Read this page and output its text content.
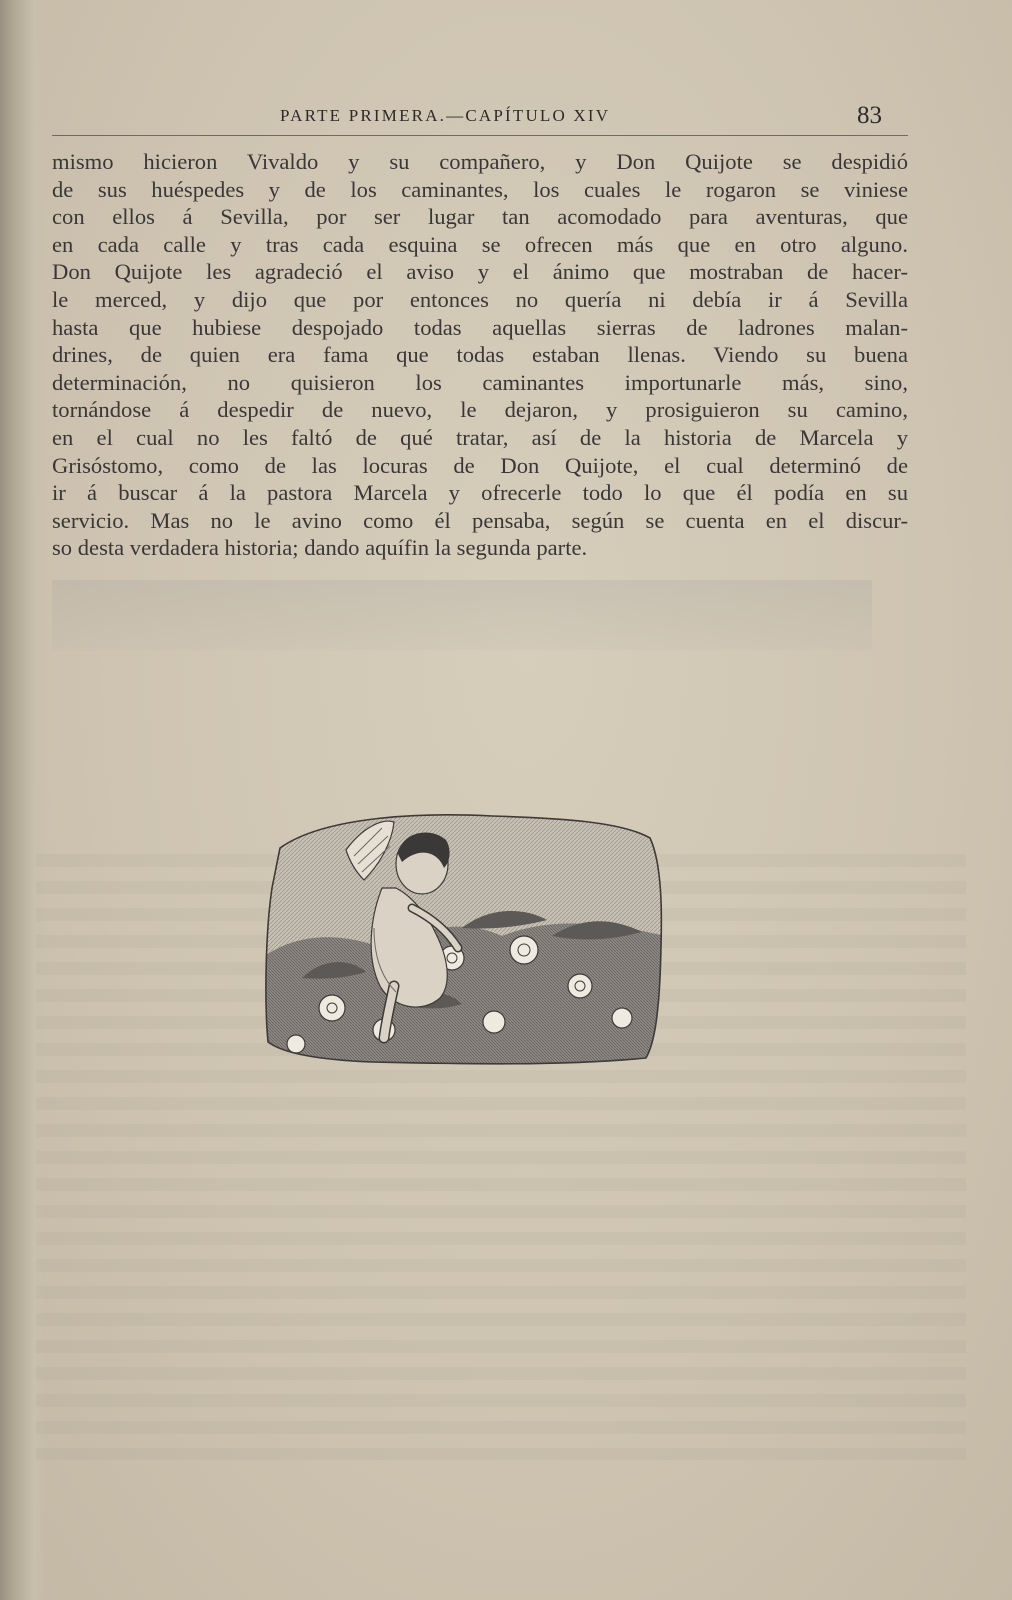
PARTE PRIMERA.—CAPÍTULO XIV	83

mismo hicieron Vivaldo y su compañero, y Don Quijote se despidió
de sus huéspedes y de los caminantes, los cuales le rogaron se viniese
con ellos á Sevilla, por ser lugar tan acomodado para aventuras, que
en cada calle y tras cada esquina se ofrecen más que en otro alguno.
Don Quijote les agradeció el aviso y el ánimo que mostraban de hacer-
le merced, y dijo que por entonces no quería ni debía ir á Sevilla
hasta que hubiese despojado todas aquellas sierras de ladrones malan-
drines, de quien era fama que todas estaban llenas. Viendo su buena
determinación, no quisieron los caminantes importunarle más, sino,
tornándose á despedir de nuevo, le dejaron, y prosiguieron su camino,
en el cual no les faltó de qué tratar, así de la historia de Marcela y
Grisóstomo, como de las locuras de Don Quijote, el cual determinó de
ir á buscar á la pastora Marcela y ofrecerle todo lo que él podía en su
servicio. Mas no le avino como él pensaba, según se cuenta en el discur-
so desta verdadera historia; dando aquífin la segunda parte.
